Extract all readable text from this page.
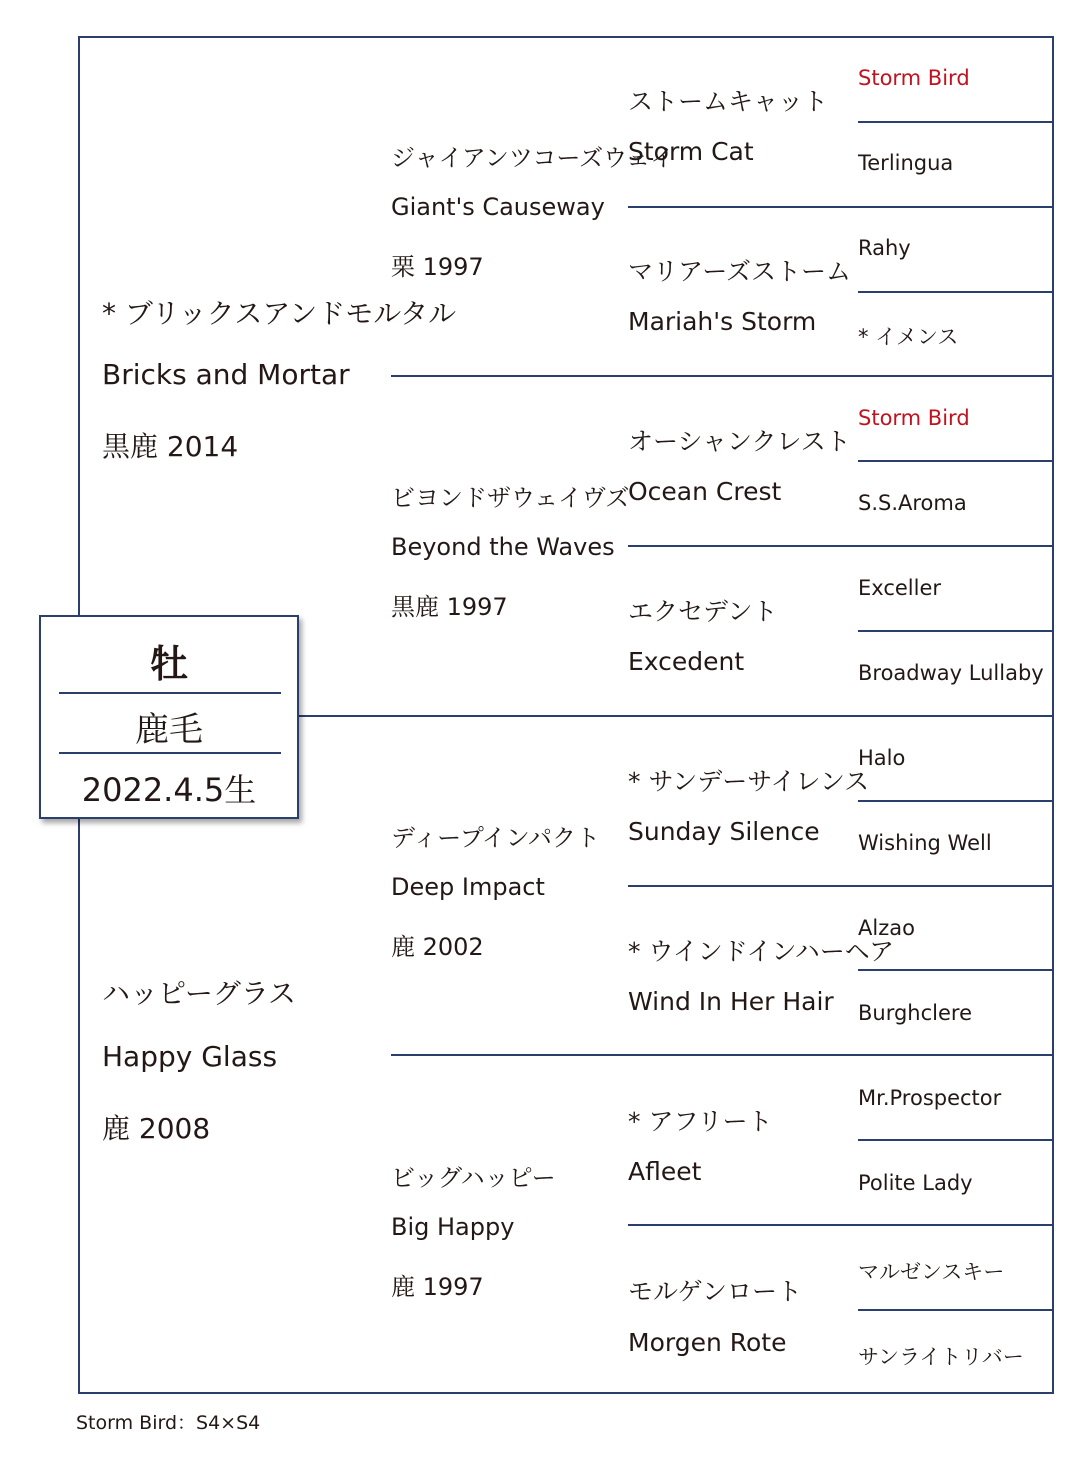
* ブリックスアンドモルタル
Bricks and Mortar
黒鹿 2014
ハッピーグラス
Happy Glass
鹿 2008
ジャイアンツコーズウェイ
Giant's Causeway
栗 1997
ビヨンドザウェイヴズ
Beyond the Waves
黒鹿 1997
ディープインパクト
Deep Impact
鹿 2002
ビッグハッピー
Big Happy
鹿 1997
ストームキャット
Storm Cat
マリアーズストーム
Mariah's Storm
オーシャンクレスト
Ocean Crest
エクセデント
Excedent
* サンデーサイレンス
Sunday Silence
* ウインドインハーヘア
Wind In Her Hair
* アフリート
Afleet
モルゲンロート
Morgen Rote
Storm Bird
Terlingua
Rahy
* イメンス
Storm Bird
S.S.Aroma
Exceller
Broadway Lullaby
Halo
Wishing Well
Alzao
Burghclere
Mr.Prospector
Polite Lady
マルゼンスキー
サンライトリバー
牡
鹿毛
2022.4.5生
Storm Bird：S4×S4
